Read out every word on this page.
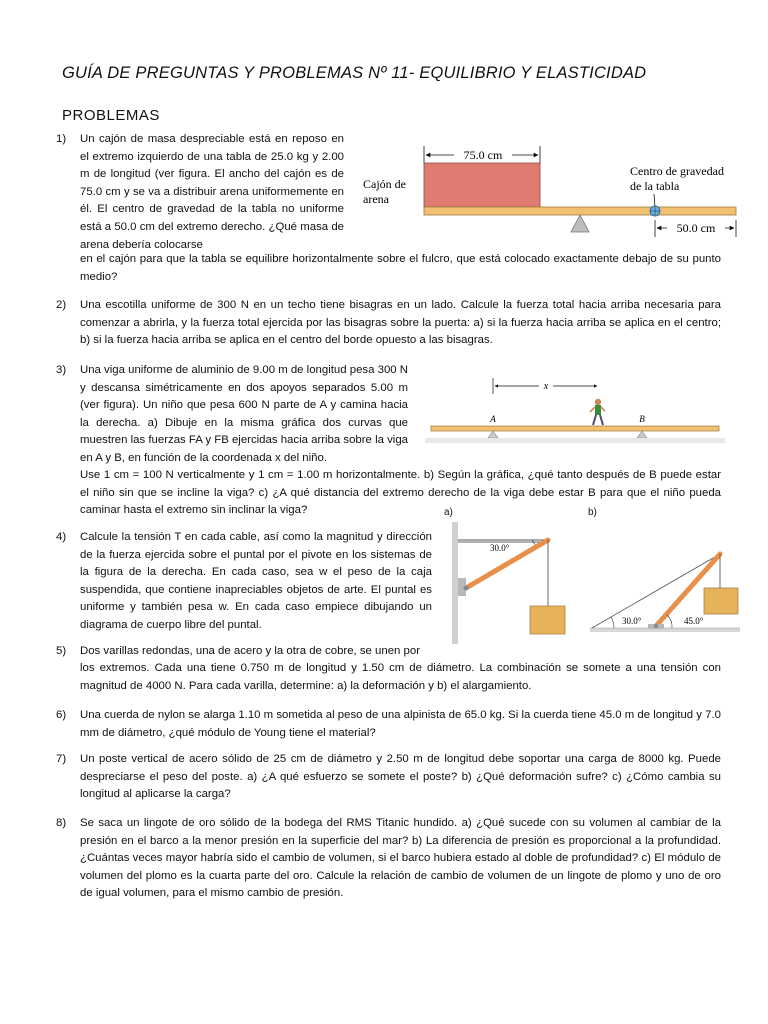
GUÍA DE PREGUNTAS Y PROBLEMAS Nº 11- EQUILIBRIO Y ELASTICIDAD
PROBLEMAS
1) Un cajón de masa despreciable está en reposo en el extremo izquierdo de una tabla de 25.0 kg y 2.00 m de longitud (ver figura. El ancho del cajón es de 75.0 cm y se va a distribuir arena uniformemente en él. El centro de gravedad de la tabla no uniforme está a 50.0 cm del extremo derecho. ¿Qué masa de arena debería colocarse
en el cajón para que la tabla se equilibre horizontalmente sobre el fulcro, que está colocado exactamente debajo de su punto medio?
75.0 cm
Cajón de
arena
Centro de gravedad
de la tabla
50.0 cm
2) Una escotilla uniforme de 300 N en un techo tiene bisagras en un lado. Calcule la fuerza total hacia arriba necesaria para comenzar a abrirla, y la fuerza total ejercida por las bisagras sobre la puerta: a) si la fuerza hacia arriba se aplica en el centro; b) si la fuerza hacia arriba se aplica en el centro del borde opuesto a las bisagras.
3) Una viga uniforme de aluminio de 9.00 m de longitud pesa 300 N y descansa simétricamente en dos apoyos separados 5.00 m (ver figura). Un niño que pesa 600 N parte de A y camina hacia la derecha. a) Dibuje en la misma gráfica dos curvas que muestren las fuerzas FA y FB ejercidas hacia arriba sobre la viga en A y B, en función de la coordenada x del niño.
Use 1 cm = 100 N verticalmente y 1 cm = 1.00 m horizontalmente. b) Según la gráfica, ¿qué tanto después de B puede estar el niño sin que se incline la viga? c) ¿A qué distancia del extremo derecho de la viga debe estar B para que el niño pueda caminar hasta el extremo sin inclinar la viga?
x
A	B
4) Calcule la tensión T en cada cable, así como la magnitud y dirección de la fuerza ejercida sobre el puntal por el pivote en los sistemas de la figura de la derecha. En cada caso, sea w el peso de la caja suspendida, que contiene inapreciables objetos de arte. El puntal es uniforme y también pesa w. En cada caso empiece dibujando un diagrama de cuerpo libre del puntal.
a)	b)
30.0°
30.0°	45.0°
5) Dos varillas redondas, una de acero y la otra de cobre, se unen por
los extremos. Cada una tiene 0.750 m de longitud y 1.50 cm de diámetro. La combinación se somete a una tensión con magnitud de 4000 N. Para cada varilla, determine: a) la deformación y b) el alargamiento.
6) Una cuerda de nylon se alarga 1.10 m sometida al peso de una alpinista de 65.0 kg. Si la cuerda tiene 45.0 m de longitud y 7.0 mm de diámetro, ¿qué módulo de Young tiene el material?
7) Un poste vertical de acero sólido de 25 cm de diámetro y 2.50 m de longitud debe soportar una carga de 8000 kg. Puede despreciarse el peso del poste. a) ¿A qué esfuerzo se somete el poste? b) ¿Qué deformación sufre? c) ¿Cómo cambia su longitud al aplicarse la carga?
8) Se saca un lingote de oro sólido de la bodega del RMS Titanic hundido. a) ¿Qué sucede con su volumen al cambiar de la presión en el barco a la menor presión en la superficie del mar? b) La diferencia de presión es proporcional a la profundidad. ¿Cuántas veces mayor habría sido el cambio de volumen, si el barco hubiera estado al doble de profundidad? c) El módulo de volumen del plomo es la cuarta parte del oro. Calcule la relación de cambio de volumen de un lingote de plomo y uno de oro de igual volumen, para el mismo cambio de presión.
